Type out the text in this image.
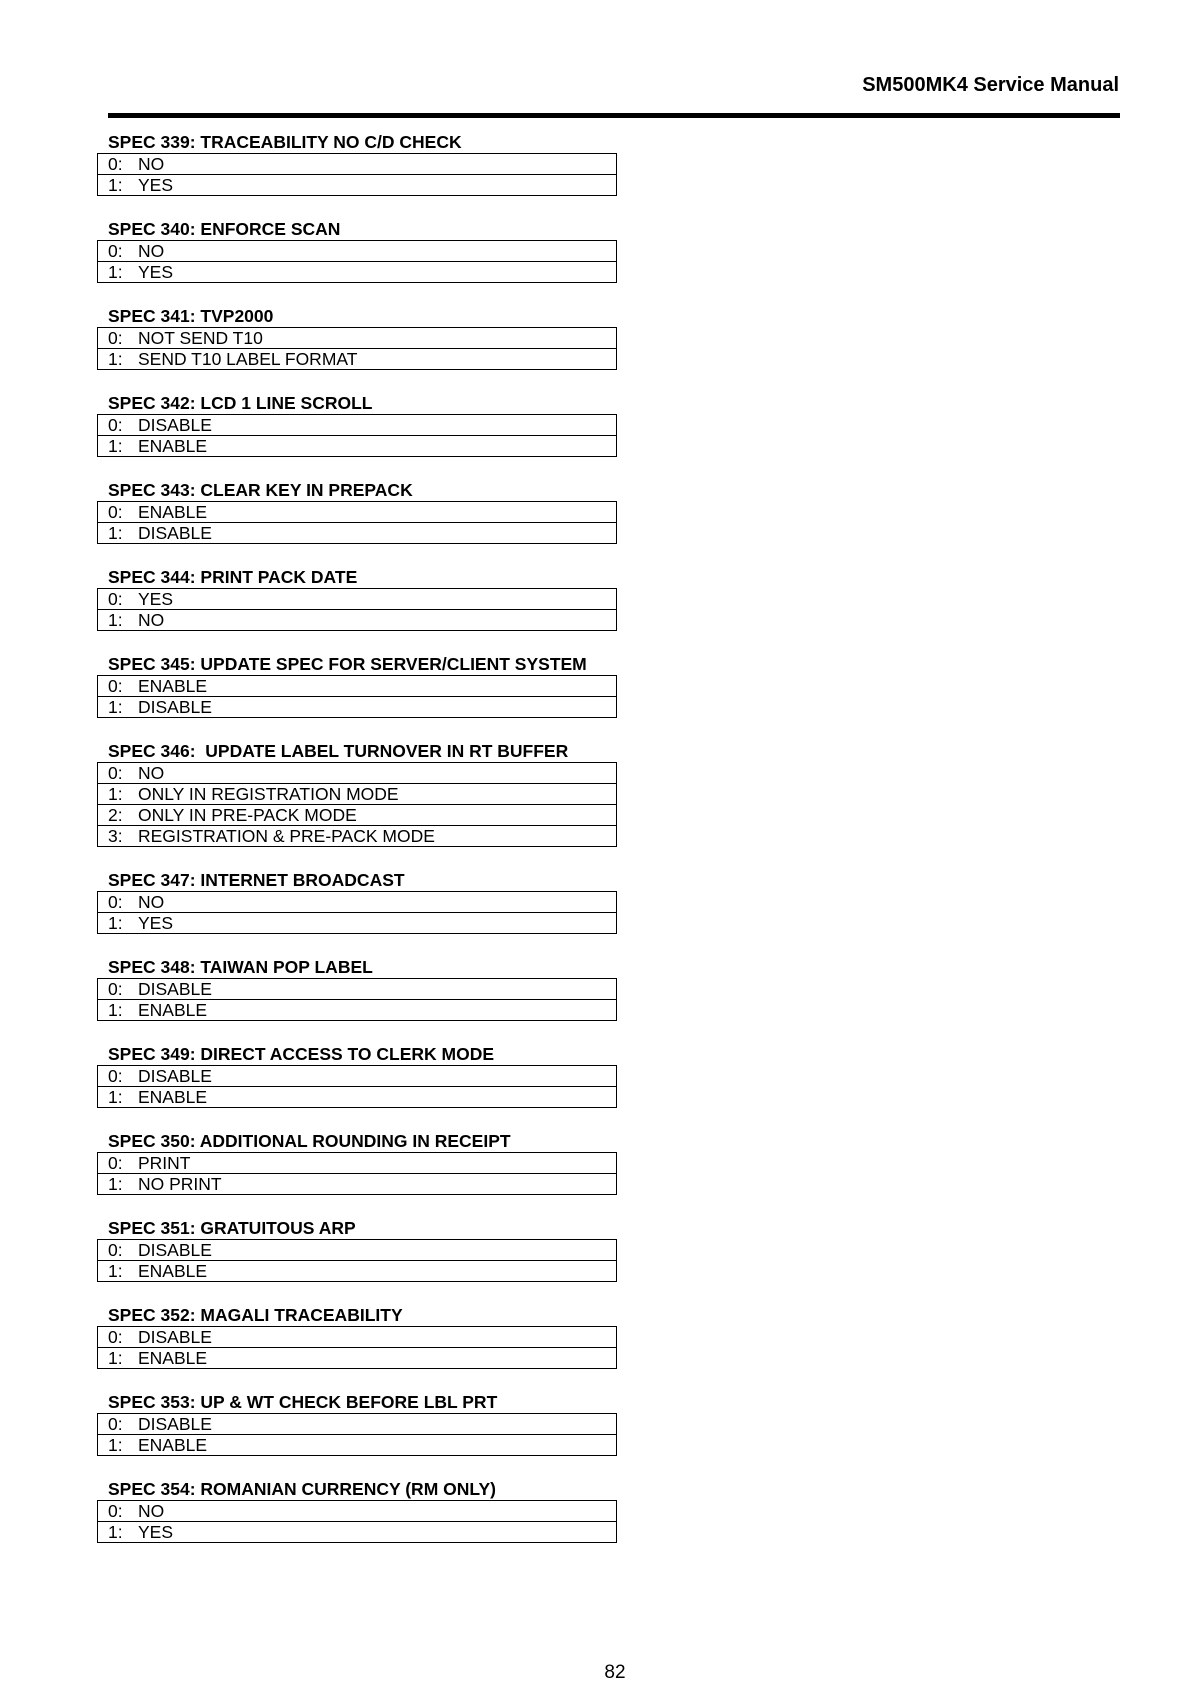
SM500MK4 Service Manual
SPEC 339: TRACEABILITY NO C/D CHECK
0: NO
1: YES
SPEC 340: ENFORCE SCAN
0: NO
1: YES
SPEC 341: TVP2000
0: NOT SEND T10
1: SEND T10 LABEL FORMAT
SPEC 342: LCD 1 LINE SCROLL
0: DISABLE
1: ENABLE
SPEC 343: CLEAR KEY IN PREPACK
0: ENABLE
1: DISABLE
SPEC 344: PRINT PACK DATE
0: YES
1: NO
SPEC 345: UPDATE SPEC FOR SERVER/CLIENT SYSTEM
0: ENABLE
1: DISABLE
SPEC 346:  UPDATE LABEL TURNOVER IN RT BUFFER
0: NO
1: ONLY IN REGISTRATION MODE
2: ONLY IN PRE-PACK MODE
3: REGISTRATION & PRE-PACK MODE
SPEC 347: INTERNET BROADCAST
0: NO
1: YES
SPEC 348: TAIWAN POP LABEL
0: DISABLE
1: ENABLE
SPEC 349: DIRECT ACCESS TO CLERK MODE
0: DISABLE
1: ENABLE
SPEC 350: ADDITIONAL ROUNDING IN RECEIPT
0: PRINT
1: NO PRINT
SPEC 351: GRATUITOUS ARP
0: DISABLE
1: ENABLE
SPEC 352: MAGALI TRACEABILITY
0: DISABLE
1: ENABLE
SPEC 353: UP & WT CHECK BEFORE LBL PRT
0: DISABLE
1: ENABLE
SPEC 354: ROMANIAN CURRENCY (RM ONLY)
0: NO
1: YES
82
